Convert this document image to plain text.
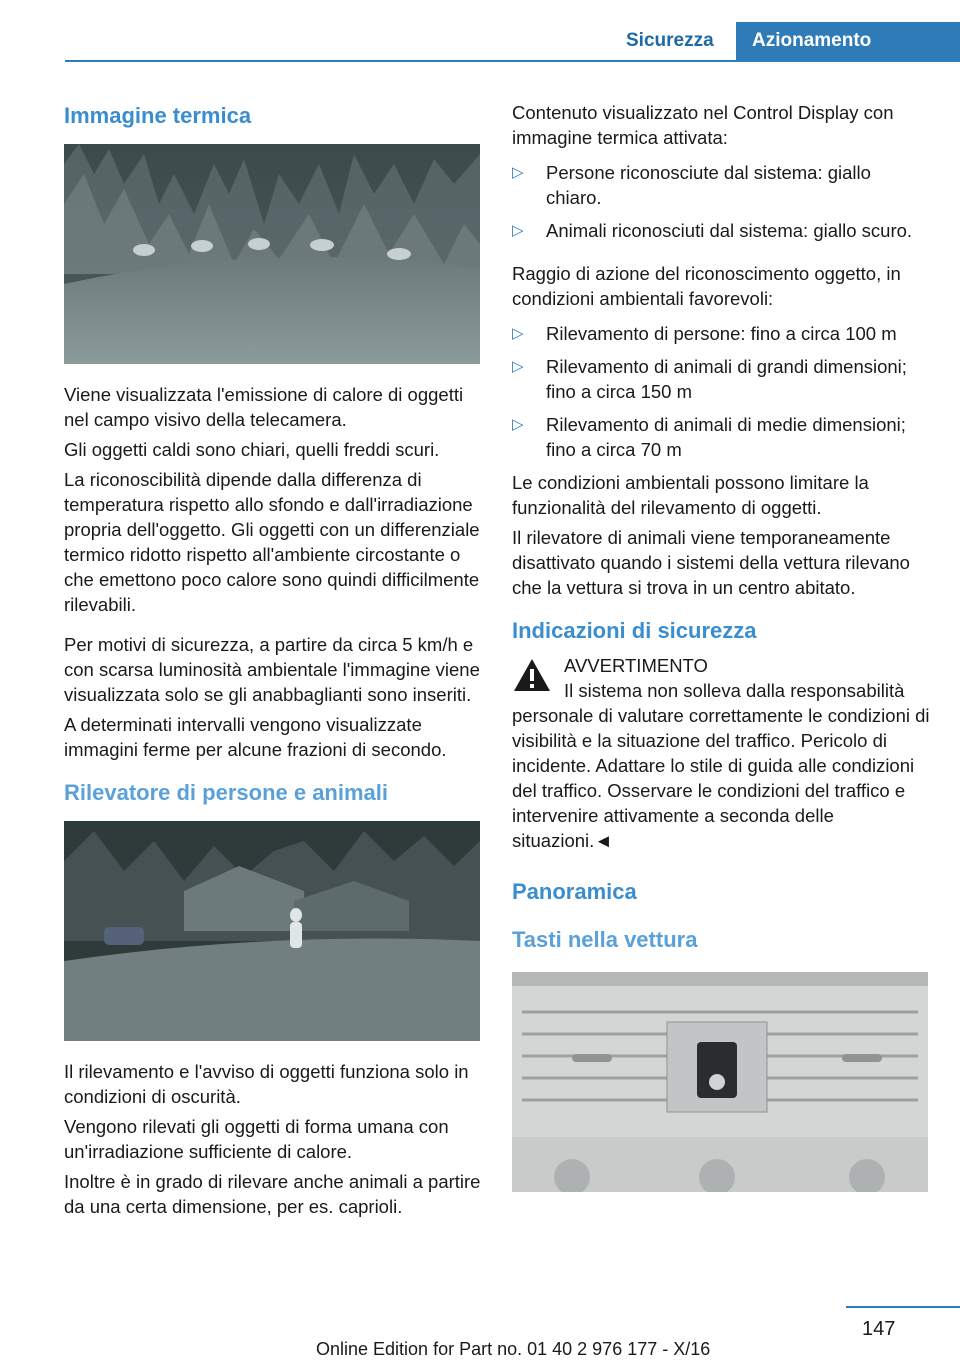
Sicurezza Azionamento
Immagine termica

Viene visualizzata l'emissione di calore di oggetti nel campo visivo della telecamera.

Gli oggetti caldi sono chiari, quelli freddi scuri.

La riconoscibilità dipende dalla differenza di temperatura rispetto allo sfondo e dall'irradiazione propria dell'oggetto. Gli oggetti con un differenziale termico ridotto rispetto all'ambiente circostante o che emettono poco calore sono quindi difficilmente rilevabili.

Per motivi di sicurezza, a partire da circa 5 km/h e con scarsa luminosità ambientale l'immagine viene visualizzata solo se gli anabbaglianti sono inseriti.

A determinati intervalli vengono visualizzate immagini ferme per alcune frazioni di secondo.

Rilevatore di persone e animali

Il rilevamento e l'avviso di oggetti funziona solo in condizioni di oscurità.

Vengono rilevati gli oggetti di forma umana con un'irradiazione sufficiente di calore.

Inoltre è in grado di rilevare anche animali a partire da una certa dimensione, per es. caprioli.

Contenuto visualizzato nel Control Display con immagine termica attivata:

▷ Persone riconosciute dal sistema: giallo chiaro.
▷ Animali riconosciuti dal sistema: giallo scuro.

Raggio di azione del riconoscimento oggetto, in condizioni ambientali favorevoli:

▷ Rilevamento di persone: fino a circa 100 m
▷ Rilevamento di animali di grandi dimensioni; fino a circa 150 m
▷ Rilevamento di animali di medie dimensioni; fino a circa 70 m

Le condizioni ambientali possono limitare la funzionalità del rilevamento di oggetti.

Il rilevatore di animali viene temporaneamente disattivato quando i sistemi della vettura rilevano che la vettura si trova in un centro abitato.

Indicazioni di sicurezza
AVVERTIMENTO
Il sistema non solleva dalla responsabilità

personale di valutare correttamente le condizioni di visibilità e la situazione del traffico. Pericolo di incidente. Adattare lo stile di guida alle condizioni del traffico. Osservare le condizioni del traffico e intervenire attivamente a seconda delle situazioni.◄

Panoramica
Tasti nella vettura
147
Online Edition for Part no. 01 40 2 976 177 - X/16
